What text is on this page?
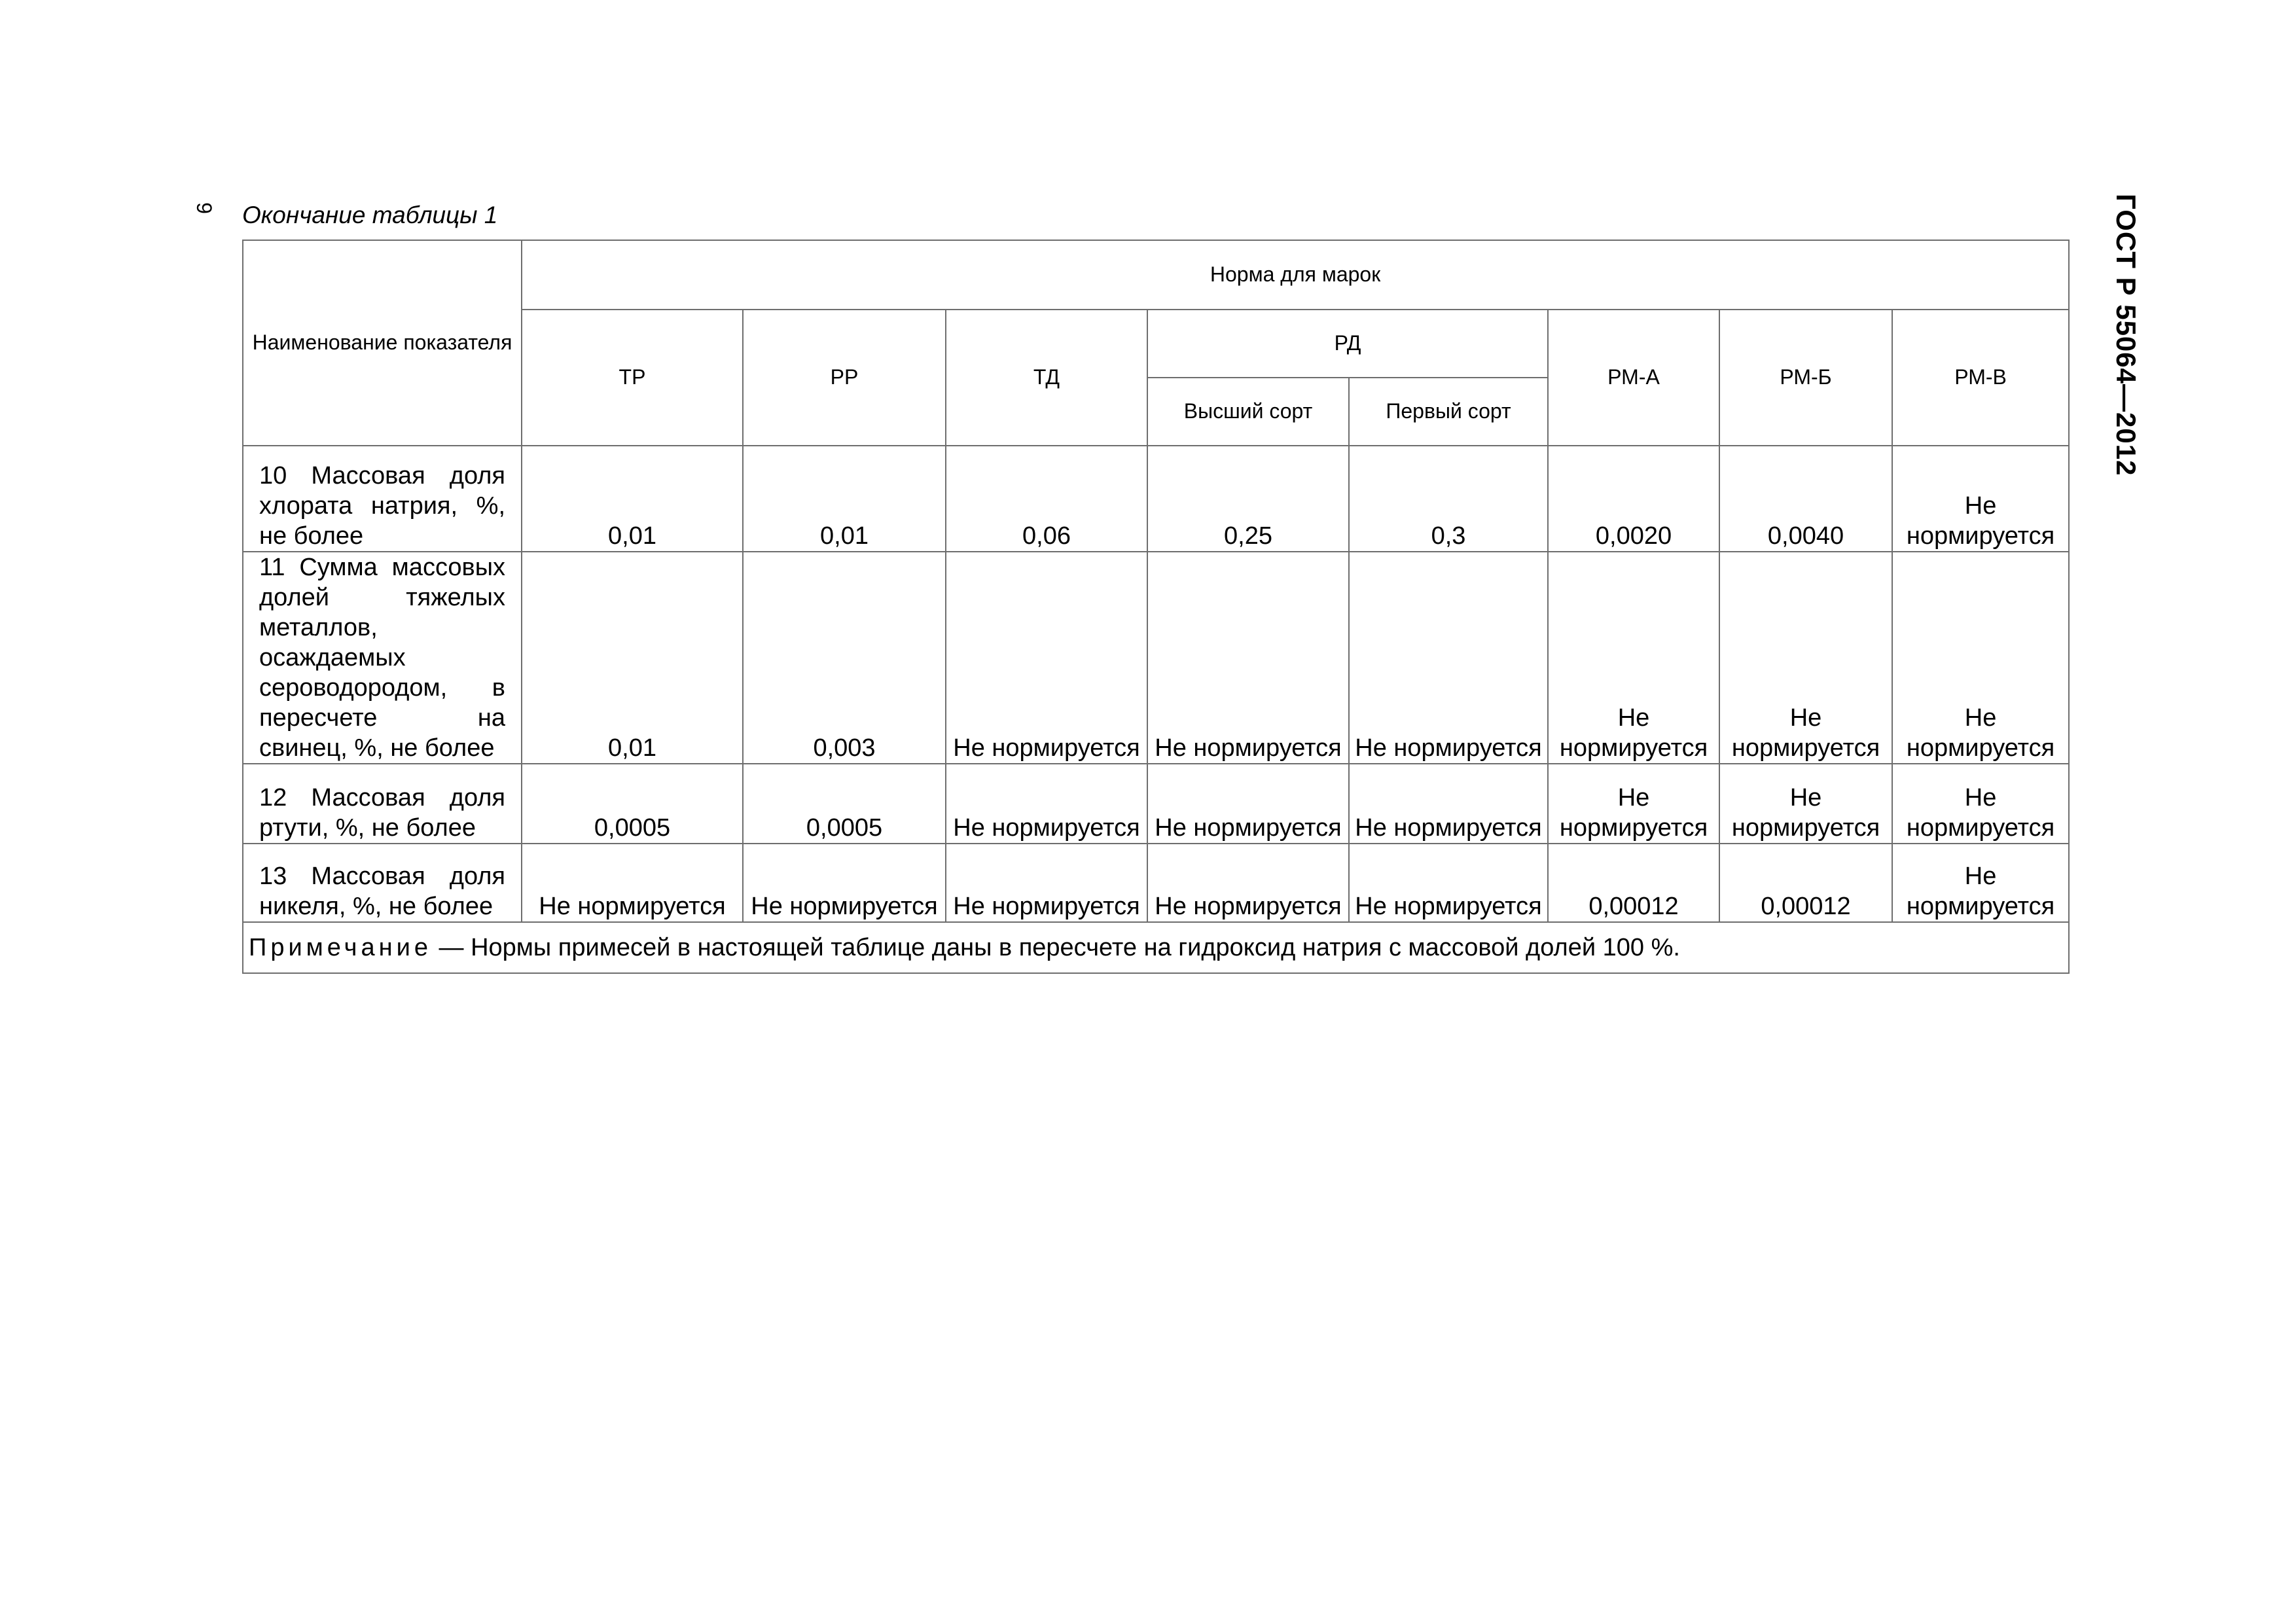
9	ГОСТ Р 55064—2012
Окончание таблицы 1
Наименование показателя	Норма для марок							
	ТР	РР	ТД	РД		РМ-А	РМ-Б	РМ-В
				Высший сорт	Первый сорт			
10 Массовая доля хлората натрия, %, не более	0,01	0,01	0,06	0,25	0,3	0,0020	0,0040	Не нормируется
11 Сумма массовых долей тяжелых металлов, осаждаемых сероводородом, в пересчете на свинец, %, не более	0,01	0,003	Не нормируется	Не нормируется	Не нормируется	Не нормируется	Не нормируется	Не нормируется
12 Массовая доля ртути, %, не более	0,0005	0,0005	Не нормируется	Не нормируется	Не нормируется	Не нормируется	Не нормируется	Не нормируется
13 Массовая доля никеля, %, не более	Не нормируется	Не нормируется	Не нормируется	Не нормируется	Не нормируется	0,00012	0,00012	Не нормируется
Примечание — Нормы примесей в настоящей таблице даны в пересчете на гидроксид натрия с массовой долей 100 %.								
